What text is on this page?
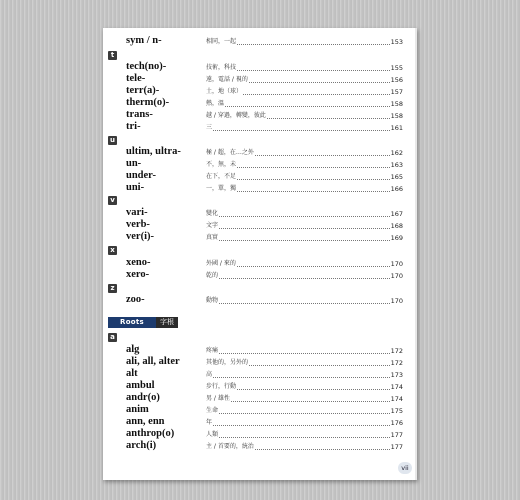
sym / n-	相同，一起	153
t
tech(no)-	技術，科技	155
tele-	遠，電話 / 視的	156
terr(a)-	土，地（球）	157
therm(o)-	熱，溫	158
trans-	越 / 穿過，轉變，彼此	158
tri-	三	161
u
ultim, ultra-	極 / 超，在…之外	162
un-	不，無，未	163
under-	在下，不足	165
uni-	一，單，獨	166
v
vari-	變化	167
verb-	文字	168
ver(i)-	真實	169
x
xeno-	外國 / 來的	170
xero-	乾的	170
z
zoo-	動物	170
Roots	字根
a
alg	疼痛	172
ali, all, alter	其他的，另外的	172
alt	高	173
ambul	步行，行動	174
andr(o)	男 / 雄性	174
anim	生命	175
ann, enn	年	176
anthrop(o)	人類	177
arch(i)	主 / 首要的，統治	177
vii
